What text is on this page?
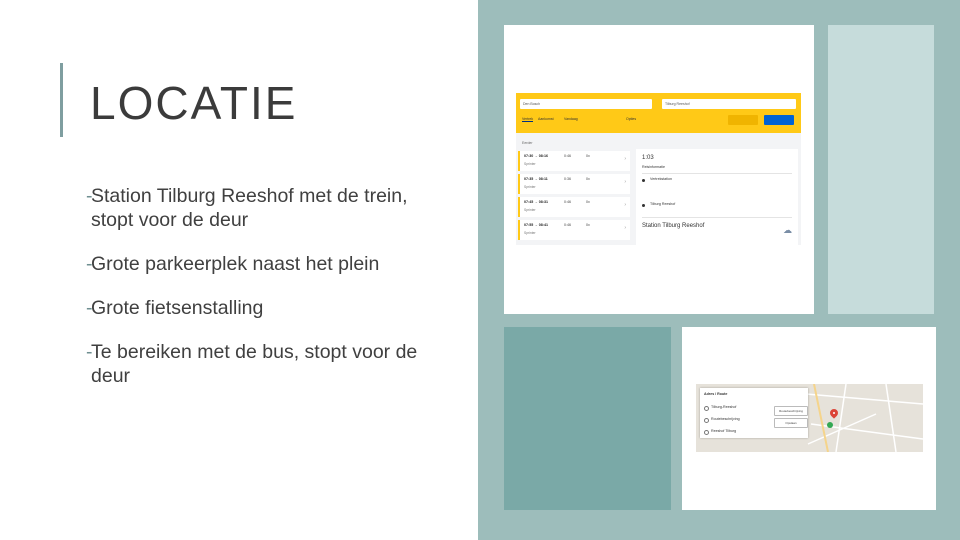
LOCATIE
-
Station Tilburg Reeshof met de trein, stopt voor de deur
-
Grote parkeerplek naast het plein
-
Grote fietsenstalling
-
Te bereiken met de bus, stopt voor de deur
Den Bosch	Tilburg Reeshof
Vertrek Aankomst	Vandaag	Opties
Eerder
07:30 → 08:16	0:46	0x
Sprinter
›
07:35 → 08:11	0:36	0x
Sprinter
›
07:45 → 08:31	0:46	0x
Sprinter
›
07:55 → 08:41	0:46	0x
Sprinter
›
1:03
Reisinformatie
Vertrekstation
Tilburg Reeshof
Station Tilburg Reeshof	☁
Adres / Route
Tilburg-Reeshof
Routebeschrijving
Reeshof Tilburg
Routebeschrijving
Opslaan
